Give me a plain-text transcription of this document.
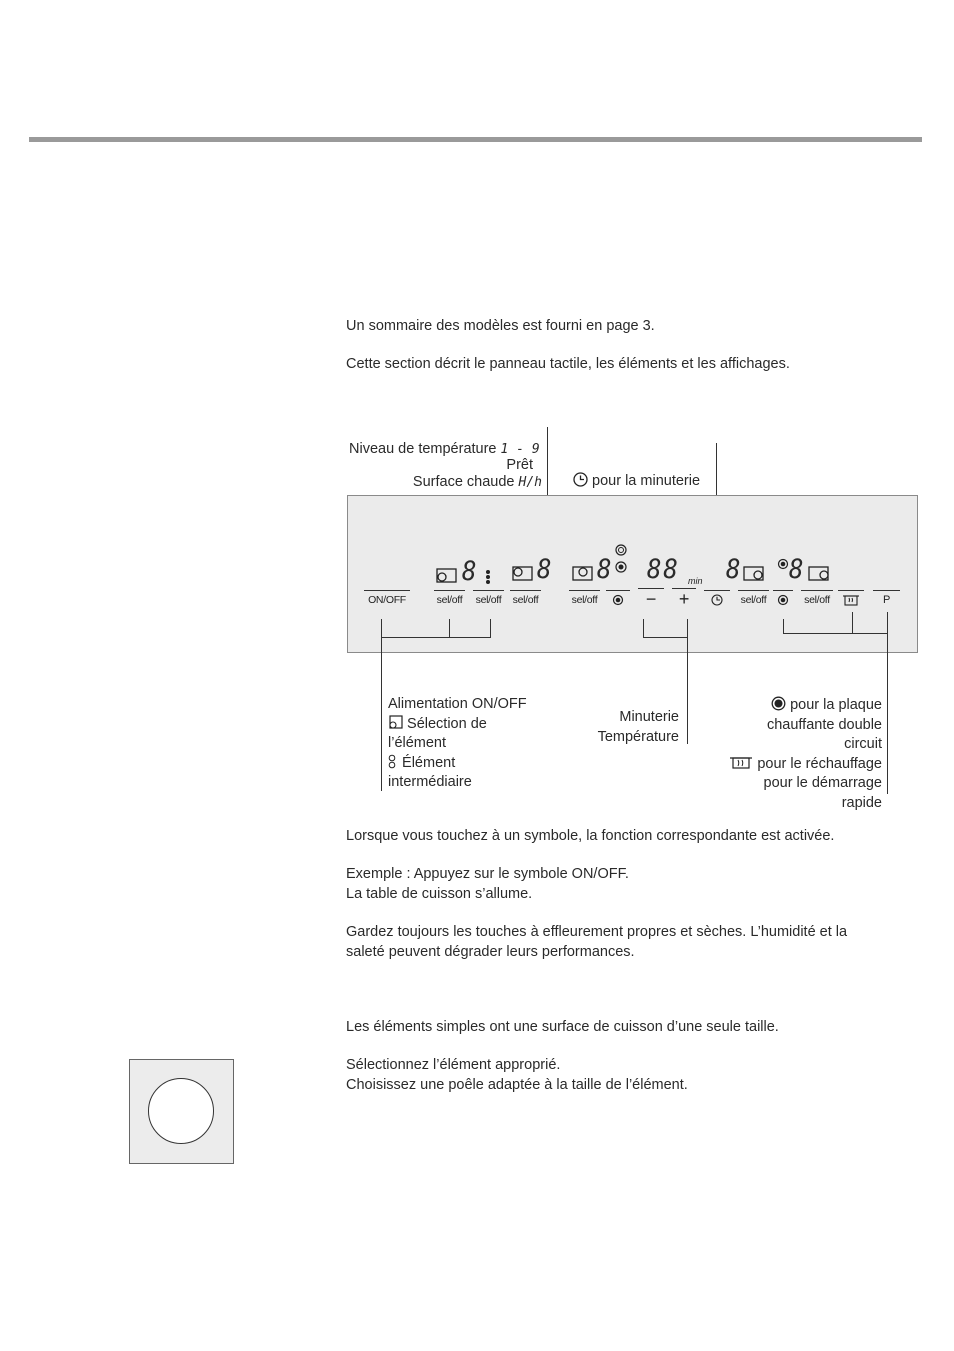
Un sommaire des modèles est fourni en page 3.
Cette section décrit le panneau tactile, les éléments et les affichages.
Niveau de température 1 - 9
Prêt
Surface chaude H/h	pour la minuterie
8 8 8 88 min 8 8
ON/OFF	sel/off sel/off sel/off	sel/off	−	+	sel/off	sel/off	P
Alimentation ON/OFF
Sélection de
l’élément
Élément
intermédiaire
Minuterie
Température
pour la plaque
chauffante double
circuit
pour le réchauffage
pour le démarrage
rapide
Lorsque vous touchez à un symbole, la fonction correspondante est activée.
Exemple : Appuyez sur le symbole ON/OFF.
La table de cuisson s’allume.
Gardez toujours les touches à effleurement propres et sèches. L’humidité et la
saleté peuvent dégrader leurs performances.
Les éléments simples ont une surface de cuisson d’une seule taille.
Sélectionnez l’élément approprié.
Choisissez une poêle adaptée à la taille de l’élément.
